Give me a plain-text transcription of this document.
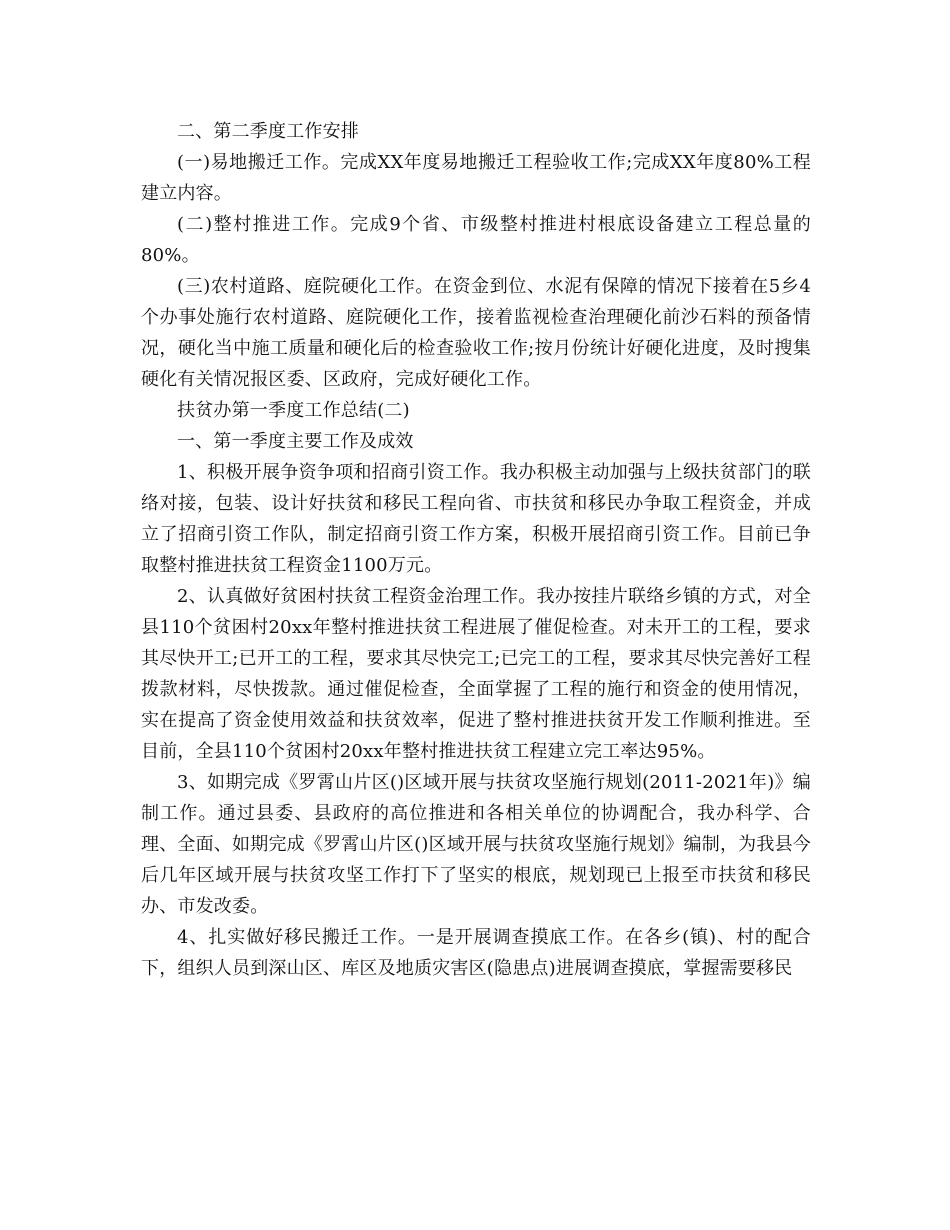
二、第二季度工作安排

(一)易地搬迁工作。完成XX年度易地搬迁工程验收工作;完成XX年度80%工程建立内容。

(二)整村推进工作。完成9个省、市级整村推进村根底设备建立工程总量的80%。

(三)农村道路、庭院硬化工作。在资金到位、水泥有保障的情况下接着在5乡4个办事处施行农村道路、庭院硬化工作，接着监视检查治理硬化前沙石料的预备情况，硬化当中施工质量和硬化后的检查验收工作;按月份统计好硬化进度，及时搜集硬化有关情况报区委、区政府，完成好硬化工作。

扶贫办第一季度工作总结(二)

一、第一季度主要工作及成效

1、积极开展争资争项和招商引资工作。我办积极主动加强与上级扶贫部门的联络对接，包装、设计好扶贫和移民工程向省、市扶贫和移民办争取工程资金，并成立了招商引资工作队，制定招商引资工作方案，积极开展招商引资工作。目前已争取整村推进扶贫工程资金1100万元。

2、认真做好贫困村扶贫工程资金治理工作。我办按挂片联络乡镇的方式，对全县110个贫困村20xx年整村推进扶贫工程进展了催促检查。对未开工的工程，要求其尽快开工;已开工的工程，要求其尽快完工;已完工的工程，要求其尽快完善好工程拨款材料，尽快拨款。通过催促检查，全面掌握了工程的施行和资金的使用情况，实在提高了资金使用效益和扶贫效率，促进了整村推进扶贫开发工作顺利推进。至目前，全县110个贫困村20xx年整村推进扶贫工程建立完工率达95%。

3、如期完成《罗霄山片区()区域开展与扶贫攻坚施行规划(2011-2021年)》编制工作。通过县委、县政府的高位推进和各相关单位的协调配合，我办科学、合理、全面、如期完成《罗霄山片区()区域开展与扶贫攻坚施行规划》编制，为我县今后几年区域开展与扶贫攻坚工作打下了坚实的根底，规划现已上报至市扶贫和移民办、市发改委。

4、扎实做好移民搬迁工作。一是开展调查摸底工作。在各乡(镇)、村的配合下，组织人员到深山区、库区及地质灾害区(隐患点)进展调查摸底，掌握需要移民
